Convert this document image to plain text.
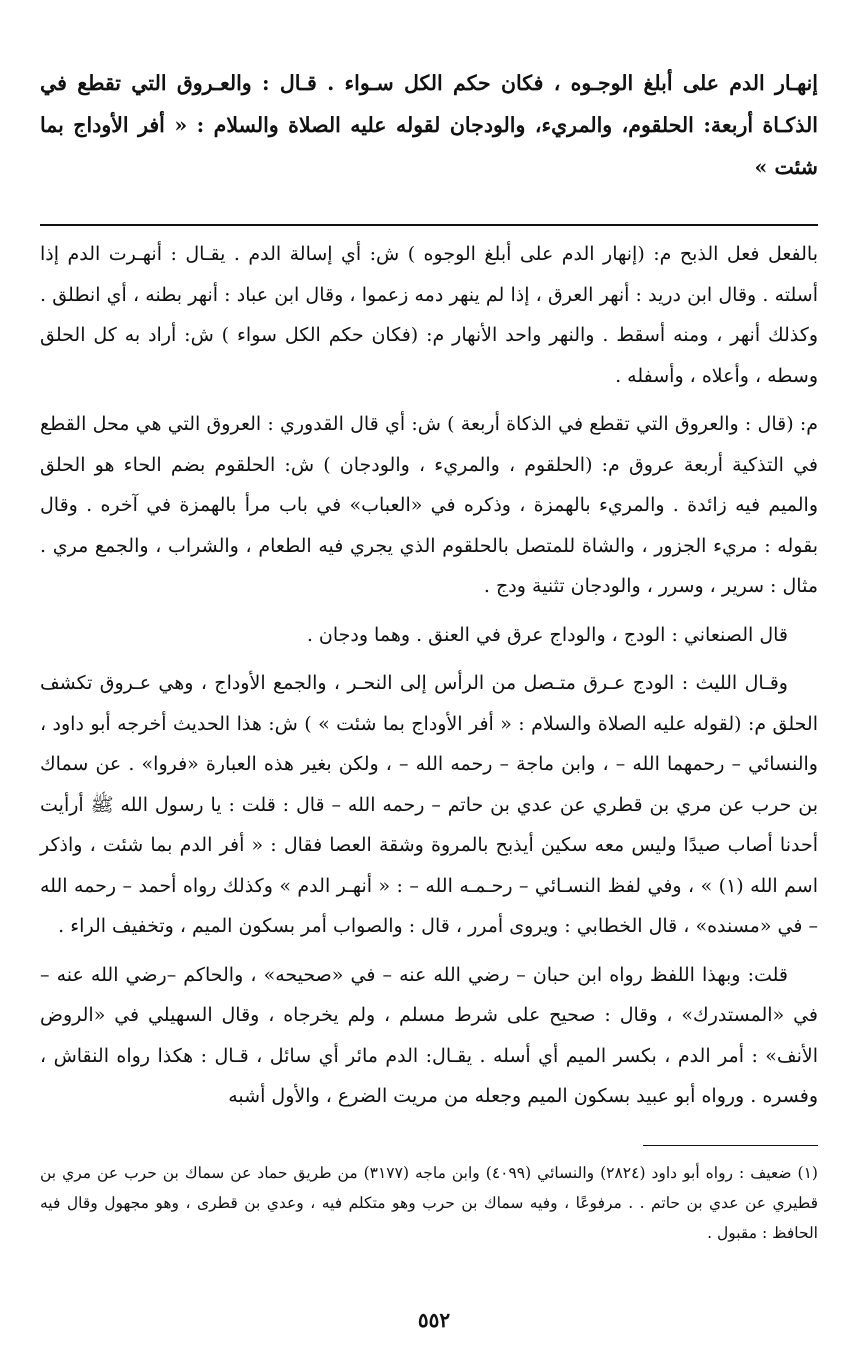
إنهـار الدم على أبلغ الوجـوه ، فكان حكم الكل سـواء . قـال : والعـروق التي تقطع في الذكـاة أربعة: الحلقوم، والمريء، والودجان لقوله عليه الصلاة والسلام : « أفر الأوداج بما شئت »

بالفعل فعل الذبح م: (إنهار الدم على أبلغ الوجوه ) ش: أي إسالة الدم . يقـال : أنهـرت الدم إذا أسلته . وقال ابن دريد : أنهر العرق ، إذا لم ينهر دمه زعموا ، وقال ابن عباد : أنهر بطنه ، أي انطلق . وكذلك أنهر ، ومنه أسقط . والنهر واحد الأنهار م: (فكان حكم الكل سواء ) ش: أراد به كل الحلق وسطه ، وأعلاه ، وأسفله .

م: (قال : والعروق التي تقطع في الذكاة أربعة ) ش: أي قال القدوري : العروق التي هي محل القطع في التذكية أربعة عروق م: (الحلقوم ، والمريء ، والودجان ) ش: الحلقوم بضم الحاء هو الحلق والميم فيه زائدة . والمريء بالهمزة ، وذكره في «العباب» في باب مرأ بالهمزة في آخره . وقال بقوله : مريء الجزور ، والشاة للمتصل بالحلقوم الذي يجري فيه الطعام ، والشراب ، والجمع مري . مثال : سرير ، وسرر ، والودجان تثنية ودج .

قال الصنعاني : الودج ، والوداج عرق في العنق . وهما ودجان .

وقـال الليث : الودج عـرق متـصل من الرأس إلى النحـر ، والجمع الأوداج ، وهي عـروق تكشف الحلق م: (لقوله عليه الصلاة والسلام : « أفر الأوداج بما شئت » ) ش: هذا الحديث أخرجه أبو داود ، والنسائي – رحمهما الله – ، وابن ماجة – رحمه الله – ، ولكن بغير هذه العبارة «فروا» . عن سماك بن حرب عن مري بن قطري عن عدي بن حاتم – رحمه الله – قال : قلت : يا رسول الله ﷺ أرأيت أحدنا أصاب صيدًا وليس معه سكين أيذبح بالمروة وشقة العصا فقال : « أفر الدم بما شئت ، واذكر اسم الله (١) » ، وفي لفظ النسـائي – رحـمـه الله – : « أنهـر الدم » وكذلك رواه أحمد – رحمه الله – في «مسنده» ، قال الخطابي : ويروى أمرر ، قال : والصواب أمر بسكون الميم ، وتخفيف الراء .

قلت: وبهذا اللفظ رواه ابن حبان – رضي الله عنه – في «صحيحه» ، والحاكم –رضي الله عنه – في «المستدرك» ، وقال : صحيح على شرط مسلم ، ولم يخرجاه ، وقال السهيلي في «الروض الأنف» : أمر الدم ، بكسر الميم أي أسله . يقـال: الدم مائر أي سائل ، قـال : هكذا رواه النقاش ، وفسره . ورواه أبو عبيد بسكون الميم وجعله من مريت الضرع ، والأول أشبه

(١) ضعيف : رواه أبو داود (٢٨٢٤) والنسائي (٤٠٩٩) وابن ماجه (٣١٧٧) من طريق حماد عن سماك بن حرب عن مري بن قطيري عن عدي بن حاتم . . مرفوعًا ، وفيه سماك بن حرب وهو متكلم فيه ، وعدي بن قطرى ، وهو مجهول وقال فيه الحافظ : مقبول .

٥٥٢
